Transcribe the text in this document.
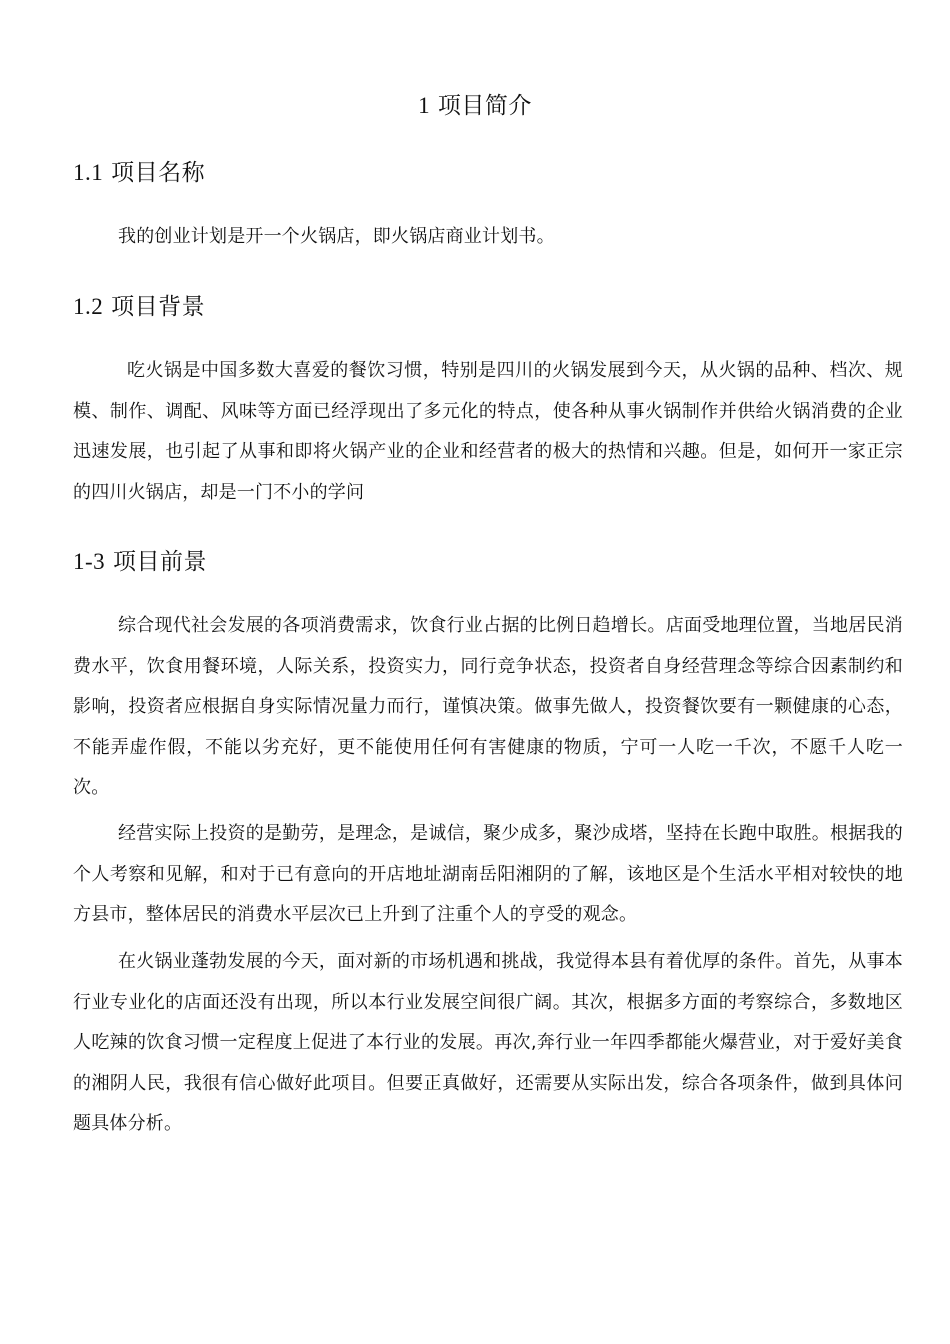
1 项目简介
1.1 项目名称

我的创业计划是开一个火锅店，即火锅店商业计划书。

1.2 项目背景

吃火锅是中国多数大喜爱的餐饮习惯，特别是四川的火锅发展到今天，从火锅的品种、档次、规模、制作、调配、风味等方面已经浮现出了多元化的特点，使各种从事火锅制作并供给火锅消费的企业迅速发展，也引起了从事和即将火锅产业的企业和经营者的极大的热情和兴趣。但是，如何开一家正宗的四川火锅店，却是一门不小的学问

1-3 项目前景

综合现代社会发展的各项消费需求，饮食行业占据的比例日趋增长。店面受地理位置，当地居民消费水平，饮食用餐环境，人际关系，投资实力，同行竞争状态，投资者自身经营理念等综合因素制约和影响，投资者应根据自身实际情况量力而行，谨慎决策。做事先做人，投资餐饮要有一颗健康的心态，不能弄虚作假，不能以劣充好，更不能使用任何有害健康的物质，宁可一人吃一千次，不愿千人吃一次。

经营实际上投资的是勤劳，是理念，是诚信，聚少成多，聚沙成塔，坚持在长跑中取胜。根据我的个人考察和见解，和对于已有意向的开店地址湖南岳阳湘阴的了解，该地区是个生活水平相对较快的地方县市，整体居民的消费水平层次已上升到了注重个人的亨受的观念。

在火锅业蓬勃发展的今天，面对新的市场机遇和挑战，我觉得本县有着优厚的条件。首先，从事本行业专业化的店面还没有出现，所以本行业发展空间很广阔。其次，根据多方面的考察综合，多数地区人吃辣的饮食习惯一定程度上促进了本行业的发展。再次,奔行业一年四季都能火爆营业，对于爱好美食的湘阴人民，我很有信心做好此项目。但要正真做好，还需要从实际出发，综合各项条件，做到具体问题具体分析。
